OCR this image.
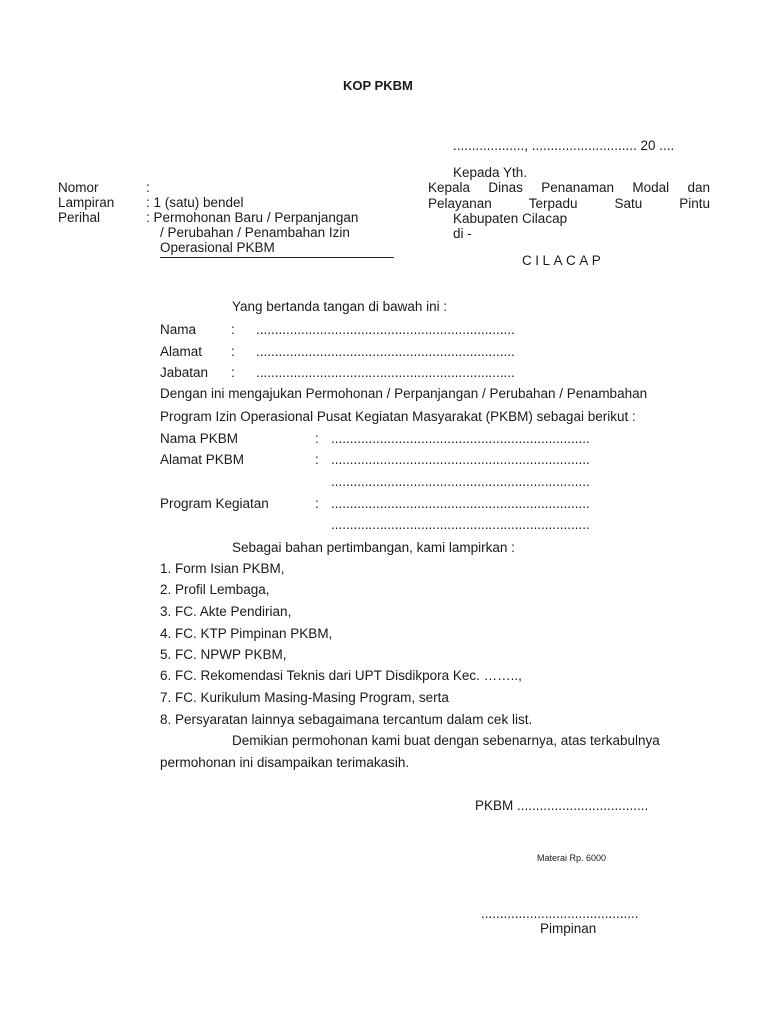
KOP PKBM
..................., ............................ 20 ....
Kepada Yth.
Kepala Dinas Penanaman Modal dan
Pelayanan	Terpadu	Satu	Pintu
Kabupaten Cilacap
di -
CILACAP
Nomor	:
Lampiran : 1 (satu) bendel
Perihal	: Permohonan Baru / Perpanjangan
/ Perubahan / Penambahan Izin
Operasional PKBM
Yang bertanda tangan di bawah ini :
Nama	: .....................................................................
Alamat : .....................................................................
Jabatan : .....................................................................
Dengan ini mengajukan Permohonan / Perpanjangan / Perubahan / Penambahan
Program Izin Operasional Pusat Kegiatan Masyarakat (PKBM) sebagai berikut :
Nama PKBM	: .....................................................................
Alamat PKBM	: .....................................................................
.....................................................................
Program Kegiatan	: .....................................................................
.....................................................................
Sebagai bahan pertimbangan, kami lampirkan :
1. Form Isian PKBM,
2. Profil Lembaga,
3. FC. Akte Pendirian,
4. FC. KTP Pimpinan PKBM,
5. FC. NPWP PKBM,
6. FC. Rekomendasi Teknis dari UPT Disdikpora Kec. ……..,
7. FC. Kurikulum Masing-Masing Program, serta
8. Persyaratan lainnya sebagaimana tercantum dalam cek list.
Demikian permohonan kami buat dengan sebenarnya, atas terkabulnya
permohonan ini disampaikan terimakasih.
PKBM ...................................
Materai Rp. 6000
..........................................
Pimpinan
